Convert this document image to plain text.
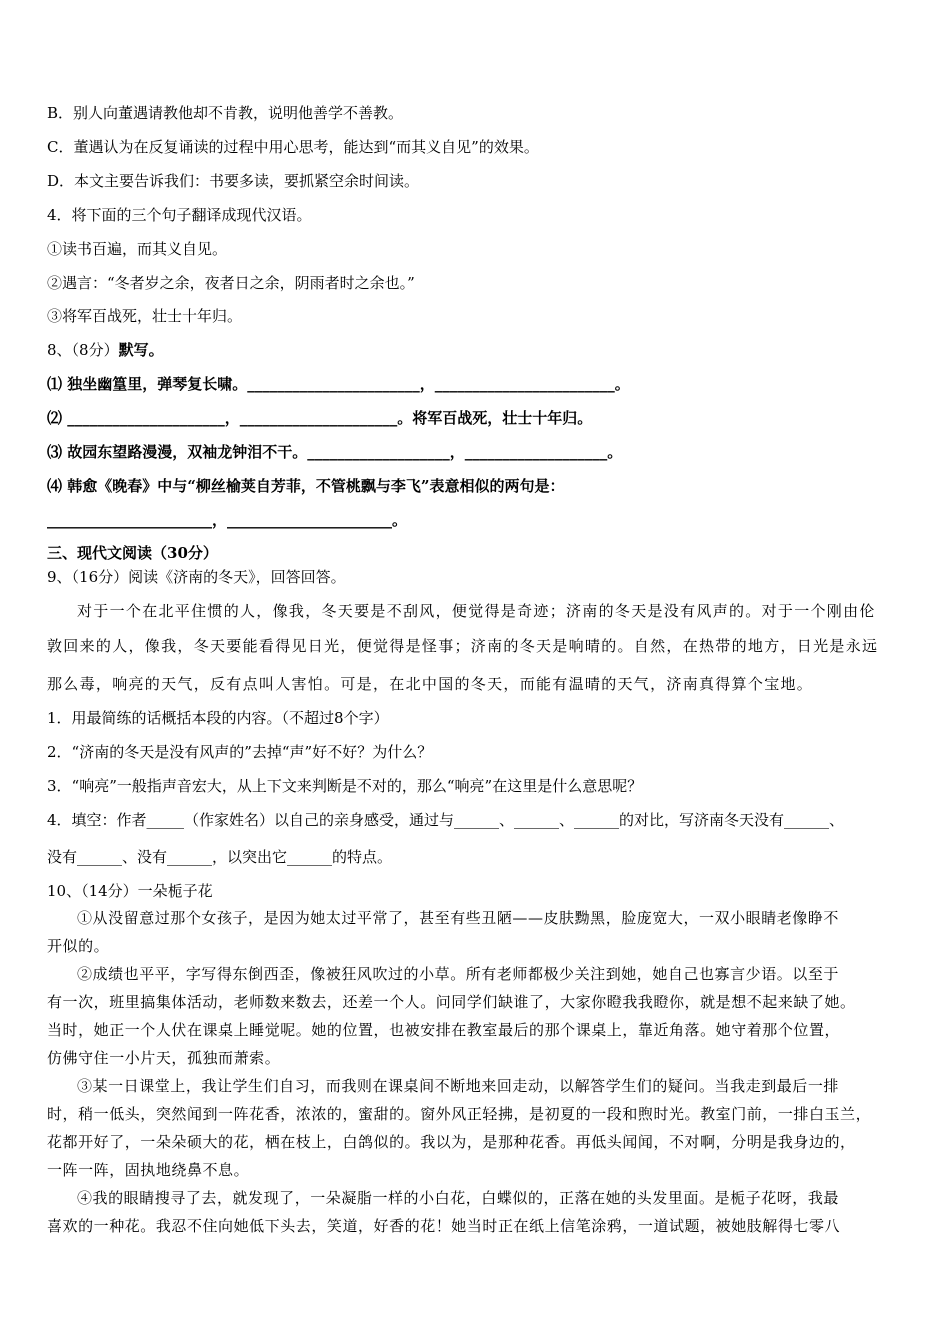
B．别人向董遇请教他却不肯教，说明他善学不善教。
C．董遇认为在反复诵读的过程中用心思考，能达到“而其义自见”的效果。
D．本文主要告诉我们：书要多读，要抓紧空余时间读。
4．将下面的三个句子翻译成现代汉语。
①读书百遍，而其义自见。
②遇言：“冬者岁之余，夜者日之余，阴雨者时之余也。”
③将军百战死，壮士十年归。
8、（8分）默写。
⑴ 独坐幽篁里，弹琴复长啸。_______________________，________________________。
⑵ _____________________，_____________________。将军百战死，壮士十年归。
⑶ 故园东望路漫漫，双袖龙钟泪不干。___________________，___________________。
⑷ 韩愈《晚春》中与“柳丝榆荚自芳菲，不管桃飘与李飞”表意相似的两句是：
______________________，______________________。
三、现代文阅读（30分）
9、（16分）阅读《济南的冬天》，回答回答。
对于一个在北平住惯的人，像我，冬天要是不刮风，便觉得是奇迹；济南的冬天是没有风声的。对于一个刚由伦
敦回来的人，像我，冬天要能看得见日光，便觉得是怪事；济南的冬天是响晴的。自然，在热带的地方，日光是永远
那么毒，响亮的天气，反有点叫人害怕。可是，在北中国的冬天，而能有温晴的天气，济南真得算个宝地。
1．用最简练的话概括本段的内容。（不超过8个字）
2．“济南的冬天是没有风声的”去掉“声”好不好？为什么？
3．“响亮”一般指声音宏大，从上下文来判断是不对的，那么“响亮”在这里是什么意思呢？
4．填空：作者_____（作家姓名）以自己的亲身感受，通过与______、______、______的对比，写济南冬天没有______、
没有______、没有______，以突出它______的特点。
10、（14分）一朵栀子花
①从没留意过那个女孩子，是因为她太过平常了，甚至有些丑陋——皮肤黝黑，脸庞宽大，一双小眼睛老像睁不
开似的。
②成绩也平平，字写得东倒西歪，像被狂风吹过的小草。所有老师都极少关注到她，她自己也寡言少语。以至于
有一次，班里搞集体活动，老师数来数去，还差一个人。问同学们缺谁了，大家你瞪我我瞪你，就是想不起来缺了她。
当时，她正一个人伏在课桌上睡觉呢。她的位置，也被安排在教室最后的那个课桌上，靠近角落。她守着那个位置，
仿佛守住一小片天，孤独而萧索。
③某一日课堂上，我让学生们自习，而我则在课桌间不断地来回走动，以解答学生们的疑问。当我走到最后一排
时，稍一低头，突然闻到一阵花香，浓浓的，蜜甜的。窗外风正轻拂，是初夏的一段和煦时光。教室门前，一排白玉兰，
花都开好了，一朵朵硕大的花，栖在枝上，白鸽似的。我以为，是那种花香。再低头闻闻，不对啊，分明是我身边的，
一阵一阵，固执地绕鼻不息。
④我的眼睛搜寻了去，就发现了，一朵凝脂一样的小白花，白蝶似的，正落在她的头发里面。是栀子花呀，我最
喜欢的一种花。我忍不住向她低下头去，笑道，好香的花！她当时正在纸上信笔涂鸦，一道试题，被她肢解得七零八
